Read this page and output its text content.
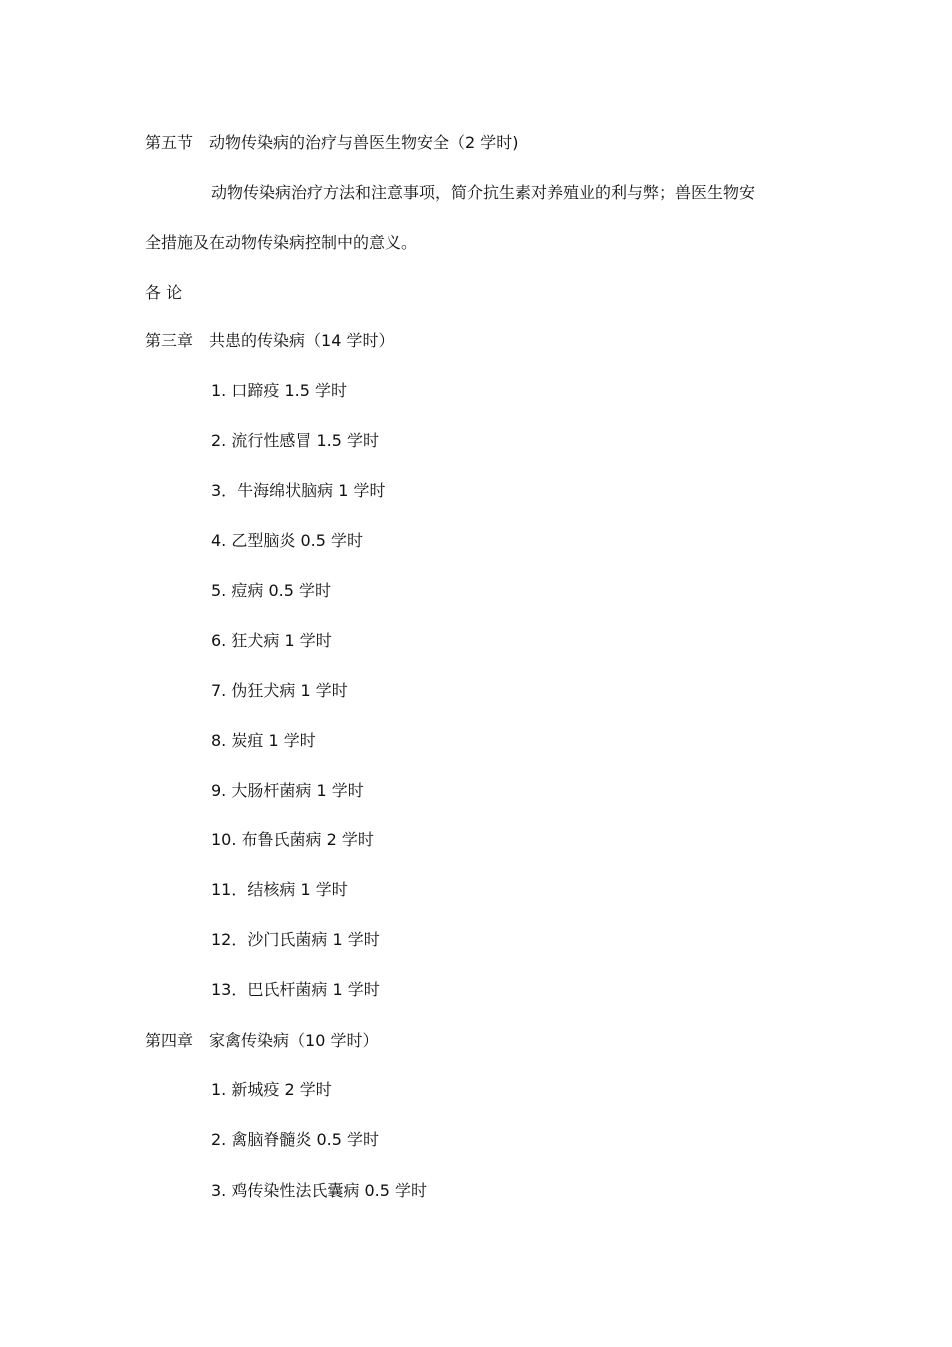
第五节 动物传染病的治疗与兽医生物安全（2 学时)
动物传染病治疗方法和注意事项，简介抗生素对养殖业的利与弊；兽医生物安
全措施及在动物传染病控制中的意义。
各 论
第三章 共患的传染病（14 学时）
1. 口蹄疫 1.5 学时
2. 流行性感冒 1.5 学时
3．牛海绵状脑病 1 学时
4. 乙型脑炎 0.5 学时
5. 痘病 0.5 学时
6. 狂犬病 1 学时
7. 伪狂犬病 1 学时
8. 炭疽 1 学时
9. 大肠杆菌病 1 学时
10. 布鲁氏菌病 2 学时
11．结核病 1 学时
12．沙门氏菌病 1 学时
13．巴氏杆菌病 1 学时
第四章 家禽传染病（10 学时）
1. 新城疫 2 学时
2. 禽脑脊髓炎 0.5 学时
3. 鸡传染性法氏囊病 0.5 学时
